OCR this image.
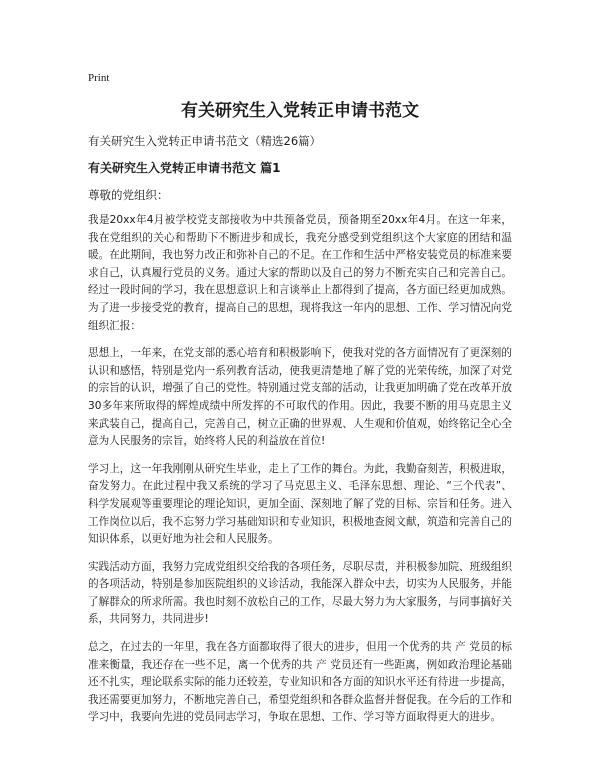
Print
有关研究生入党转正申请书范文
有关研究生入党转正申请书范文（精选26篇）
有关研究生入党转正申请书范文 篇1
尊敬的党组织：

我是20xx年4月被学校党支部接收为中共预备党员，预备期至20xx年4月。在这一年来，我在党组织的关心和帮助下不断进步和成长，我充分感受到党组织这个大家庭的团结和温暖。在此期间，我也努力改正和弥补自己的不足。在工作和生活中严格安装党员的标准来要求自己，认真履行党员的义务。通过大家的帮助以及自己的努力不断充实自己和完善自己。经过一段时间的学习，我在思想意识上和言谈举止上都得到了提高，各方面已经更加成熟。为了进一步接受党的教育，提高自己的思想，现将我这一年内的思想、工作、学习情况向党组织汇报：

思想上，一年来，在党支部的悉心培育和积极影响下，使我对党的各方面情况有了更深刻的认识和感悟，特别是党内一系列教育活动，使我更清楚地了解了党的光荣传统，加深了对党的宗旨的认识，增强了自己的党性。特别通过党支部的活动，让我更加明确了党在改革开放30多年来所取得的辉煌成绩中所发挥的不可取代的作用。因此，我要不断的用马克思主义来武装自己，提高自己，完善自己，树立正确的世界观、人生观和价值观，始终铭记全心全意为人民服务的宗旨，始终将人民的利益放在首位!

学习上，这一年我刚刚从研究生毕业，走上了工作的舞台。为此，我勤奋刻苦，积极进取，奋发努力。在此过程中我又系统的学习了马克思主义、毛泽东思想、理论、“三个代表”、科学发展观等重要理论的理论知识，更加全面、深刻地了解了党的目标、宗旨和任务。进入工作岗位以后，我不忘努力学习基础知识和专业知识，积极地查阅文献，筑造和完善自己的知识体系，以更好地为社会和人民服务。

实践活动方面，我努力完成党组织交给我的各项任务，尽职尽责，并积极参加院、班级组织的各项活动，特别是参加医院组织的义诊活动，我能深入群众中去，切实为人民服务，并能了解群众的所求所需。我也时刻不放松自己的工作，尽最大努力为大家服务，与同事搞好关系，共同努力，共同进步!

总之，在过去的一年里，我在各方面都取得了很大的进步，但用一个优秀的共 产 党员的标准来衡量，我还存在一些不足，离一个优秀的共 产 党员还有一些距离，例如政治理论基础还不扎实，理论联系实际的能力还较差，专业知识和各方面的知识水平还有待进一步提高，我还需要更加努力，不断地完善自己，希望党组织和各群众监督并督促我。在今后的工作和学习中，我要向先进的党员同志学习，争取在思想、工作、学习等方面取得更大的进步。
